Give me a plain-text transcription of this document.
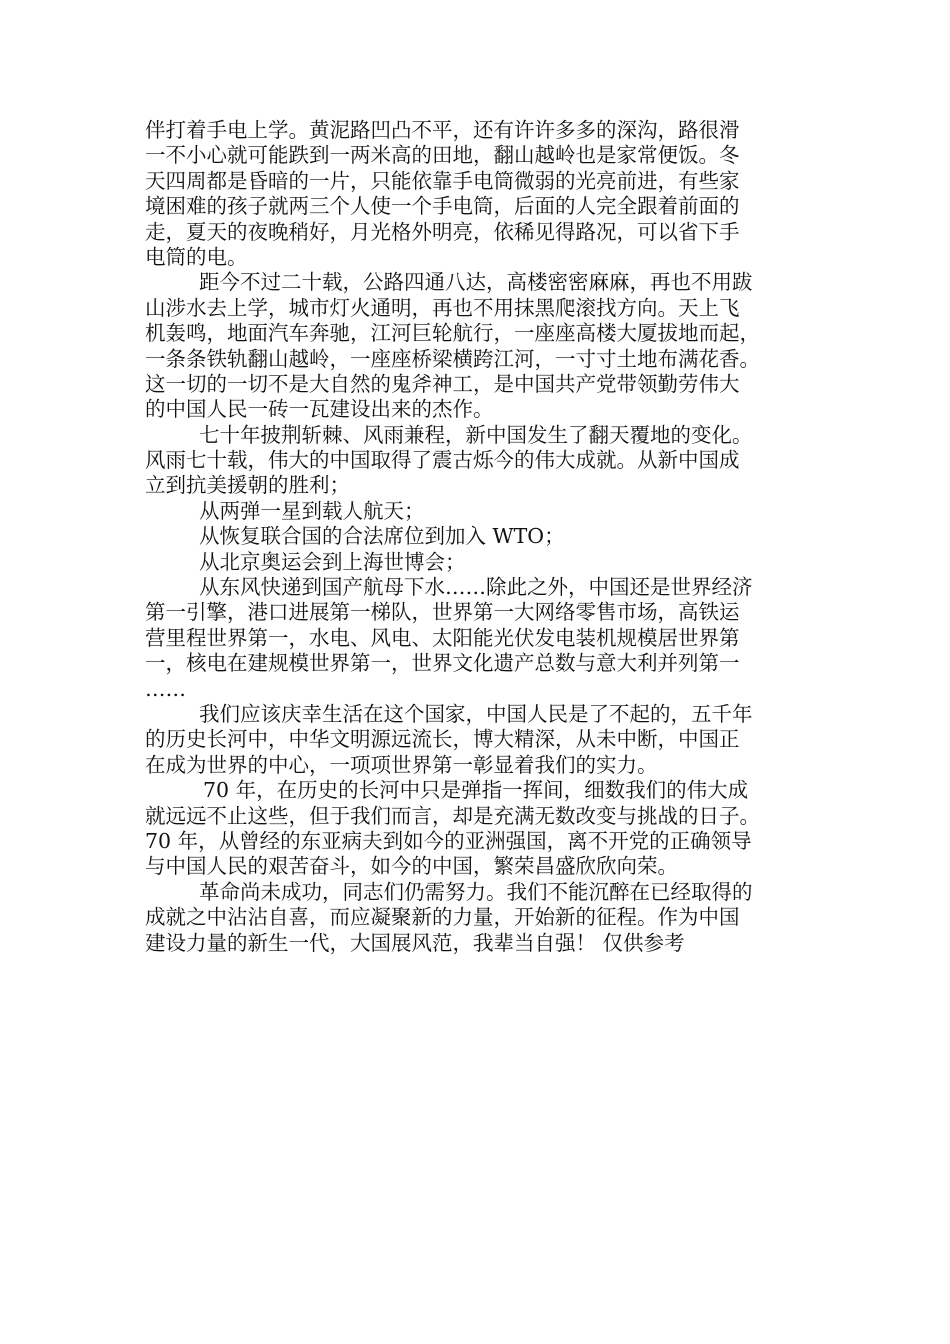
伴打着手电上学。黄泥路凹凸不平，还有许许多多的深沟，路很滑
一不小心就可能跌到一两米高的田地，翻山越岭也是家常便饭。冬
天四周都是昏暗的一片，只能依靠手电筒微弱的光亮前进，有些家
境困难的孩子就两三个人使一个手电筒，后面的人完全跟着前面的
走，夏天的夜晚稍好，月光格外明亮，依稀见得路况，可以省下手
电筒的电。
距今不过二十载，公路四通八达，高楼密密麻麻，再也不用跋
山涉水去上学，城市灯火通明，再也不用抹黑爬滚找方向。天上飞
机轰鸣，地面汽车奔驰，江河巨轮航行，一座座高楼大厦拔地而起，
一条条铁轨翻山越岭，一座座桥梁横跨江河，一寸寸土地布满花香。
这一切的一切不是大自然的鬼斧神工，是中国共产党带领勤劳伟大
的中国人民一砖一瓦建设出来的杰作。
七十年披荆斩棘、风雨兼程，新中国发生了翻天覆地的变化。
风雨七十载，伟大的中国取得了震古烁今的伟大成就。从新中国成
立到抗美援朝的胜利；
从两弹一星到载人航天；
从恢复联合国的合法席位到加入 WTO；
从北京奥运会到上海世博会；
从东风快递到国产航母下水……除此之外，中国还是世界经济
第一引擎，港口进展第一梯队，世界第一大网络零售市场，高铁运
营里程世界第一，水电、风电、太阳能光伏发电装机规模居世界第
一，核电在建规模世界第一，世界文化遗产总数与意大利并列第一
……
我们应该庆幸生活在这个国家，中国人民是了不起的，五千年
的历史长河中，中华文明源远流长，博大精深，从未中断，中国正
在成为世界的中心，一项项世界第一彰显着我们的实力。
70 年，在历史的长河中只是弹指一挥间，细数我们的伟大成
就远远不止这些，但于我们而言，却是充满无数改变与挑战的日子。
70 年，从曾经的东亚病夫到如今的亚洲强国，离不开党的正确领导
与中国人民的艰苦奋斗，如今的中国，繁荣昌盛欣欣向荣。
革命尚未成功，同志们仍需努力。我们不能沉醉在已经取得的
成就之中沾沾自喜，而应凝聚新的力量，开始新的征程。作为中国
建设力量的新生一代，大国展风范，我辈当自强！ 仅供参考
